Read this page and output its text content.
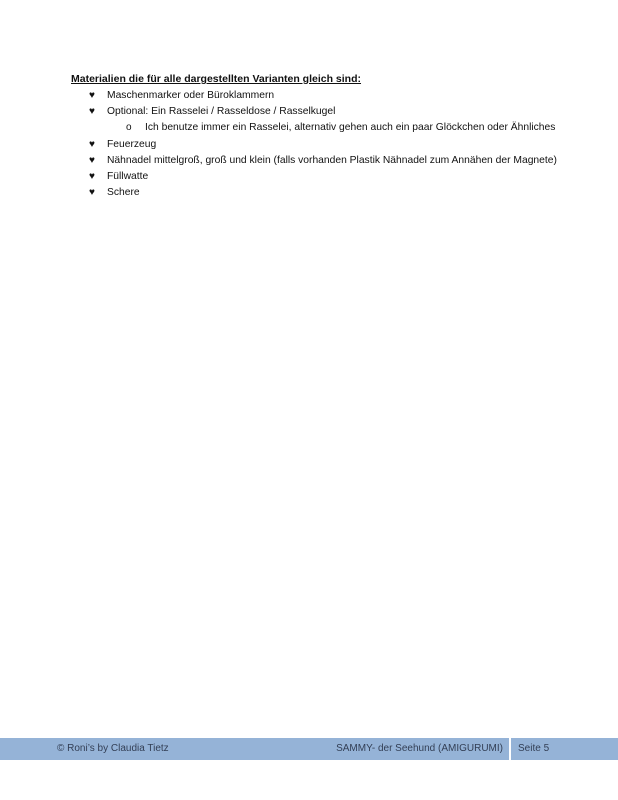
Materialien die für alle dargestellten Varianten gleich sind:
♥ Maschenmarker oder Büroklammern
♥ Optional: Ein Rasselei / Rasseldose / Rasselkugel
o Ich benutze immer ein Rasselei, alternativ gehen auch ein paar Glöckchen oder Ähnliches
♥ Feuerzeug
♥ Nähnadel mittelgroß, groß und klein (falls vorhanden Plastik Nähnadel zum Annähen der Magnete)
♥ Füllwatte
♥ Schere
© Roni’s by Claudia Tietz	SAMMY- der Seehund (AMIGURUMI) Seite 5
